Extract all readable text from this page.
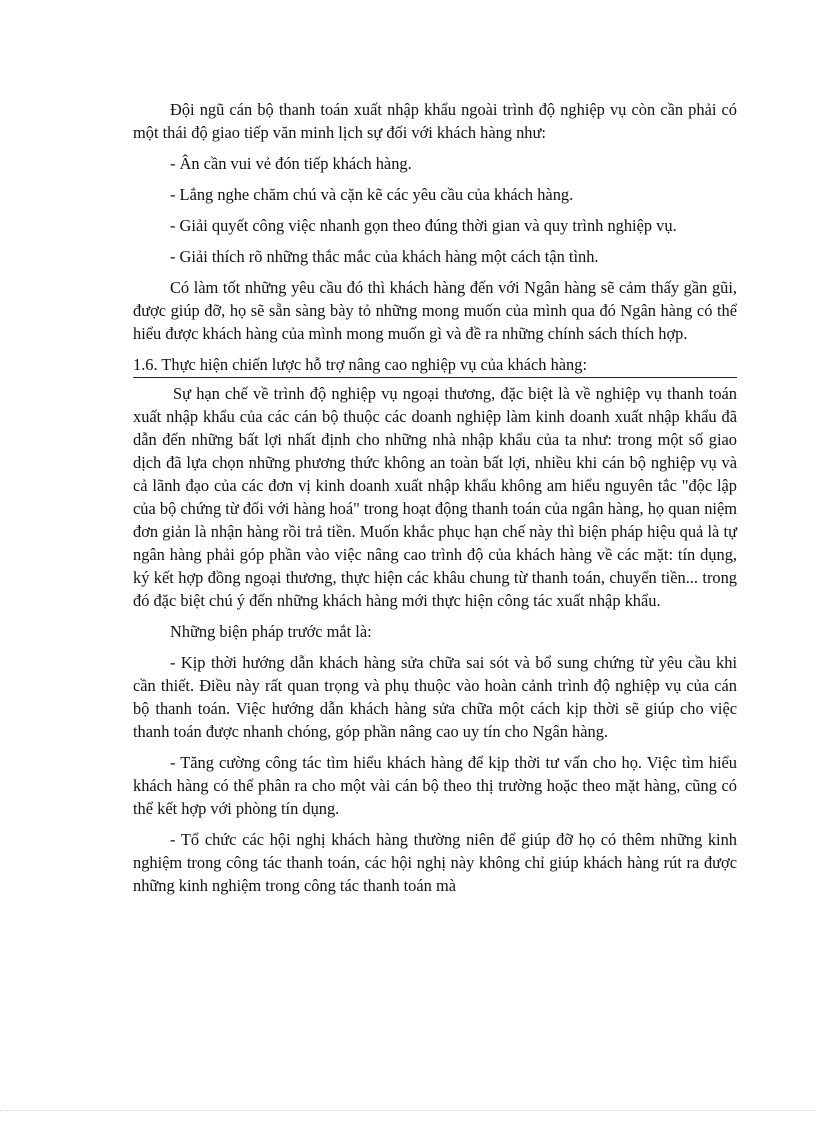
Đội ngũ cán bộ thanh toán xuất nhập khẩu ngoài trình độ nghiệp vụ còn cần phải có một thái độ giao tiếp văn minh lịch sự đối với khách hàng như:

- Ân cần vui vẻ đón tiếp khách hàng.

- Lắng nghe chăm chú và cặn kẽ các yêu cầu của khách hàng.

- Giải quyết công việc nhanh gọn theo đúng thời gian và quy trình nghiệp vụ.

- Giải thích rõ những thắc mắc của khách hàng một cách tận tình.

Có làm tốt những yêu cầu đó thì khách hàng đến với Ngân hàng sẽ cảm thấy gần gũi, được giúp đỡ, họ sẽ sẵn sàng bày tỏ những mong muốn của mình qua đó Ngân hàng có thể hiểu được khách hàng của mình mong muốn gì và đề ra những chính sách thích hợp.

1.6. Thực hiện chiến lược hỗ trợ nâng cao nghiệp vụ của khách hàng:

Sự hạn chế về trình độ nghiệp vụ ngoại thương, đặc biệt là về nghiệp vụ thanh toán xuất nhập khẩu của các cán bộ thuộc các doanh nghiệp làm kinh doanh xuất nhập khẩu đã dẫn đến những bất lợi nhất định cho những nhà nhập khẩu của ta như: trong một số giao dịch đã lựa chọn những phương thức không an toàn bất lợi, nhiều khi cán bộ nghiệp vụ và cả lãnh đạo của các đơn vị kinh doanh xuất nhập khẩu không am hiểu nguyên tắc "độc lập của bộ chứng từ đối với hàng hoá" trong hoạt động thanh toán của ngân hàng, họ quan niệm đơn giản là nhận hàng rồi trả tiền. Muốn khắc phục hạn chế này thì biện pháp hiệu quả là tự ngân hàng phải góp phần vào việc nâng cao trình độ của khách hàng về các mặt: tín dụng, ký kết hợp đồng ngoại thương, thực hiện các khâu chung từ thanh toán, chuyển tiền... trong đó đặc biệt chú ý đến những khách hàng mới thực hiện công tác xuất nhập khẩu.

Những biện pháp trước mắt là:

- Kịp thời hướng dẫn khách hàng sửa chữa sai sót và bổ sung chứng từ yêu cầu khi cần thiết. Điều này rất quan trọng và phụ thuộc vào hoàn cảnh trình độ nghiệp vụ của cán bộ thanh toán. Việc hướng dẫn khách hàng sửa chữa một cách kịp thời sẽ giúp cho việc thanh toán được nhanh chóng, góp phần nâng cao uy tín cho Ngân hàng.

- Tăng cường công tác tìm hiểu khách hàng để kịp thời tư vấn cho họ. Việc tìm hiểu khách hàng có thể phân ra cho một vài cán bộ theo thị trường hoặc theo mặt hàng, cũng có thể kết hợp với phòng tín dụng.

- Tổ chức các hội nghị khách hàng thường niên để giúp đỡ họ có thêm những kinh nghiệm trong công tác thanh toán, các hội nghị này không chỉ giúp khách hàng rút ra được những kinh nghiệm trong công tác thanh toán mà
